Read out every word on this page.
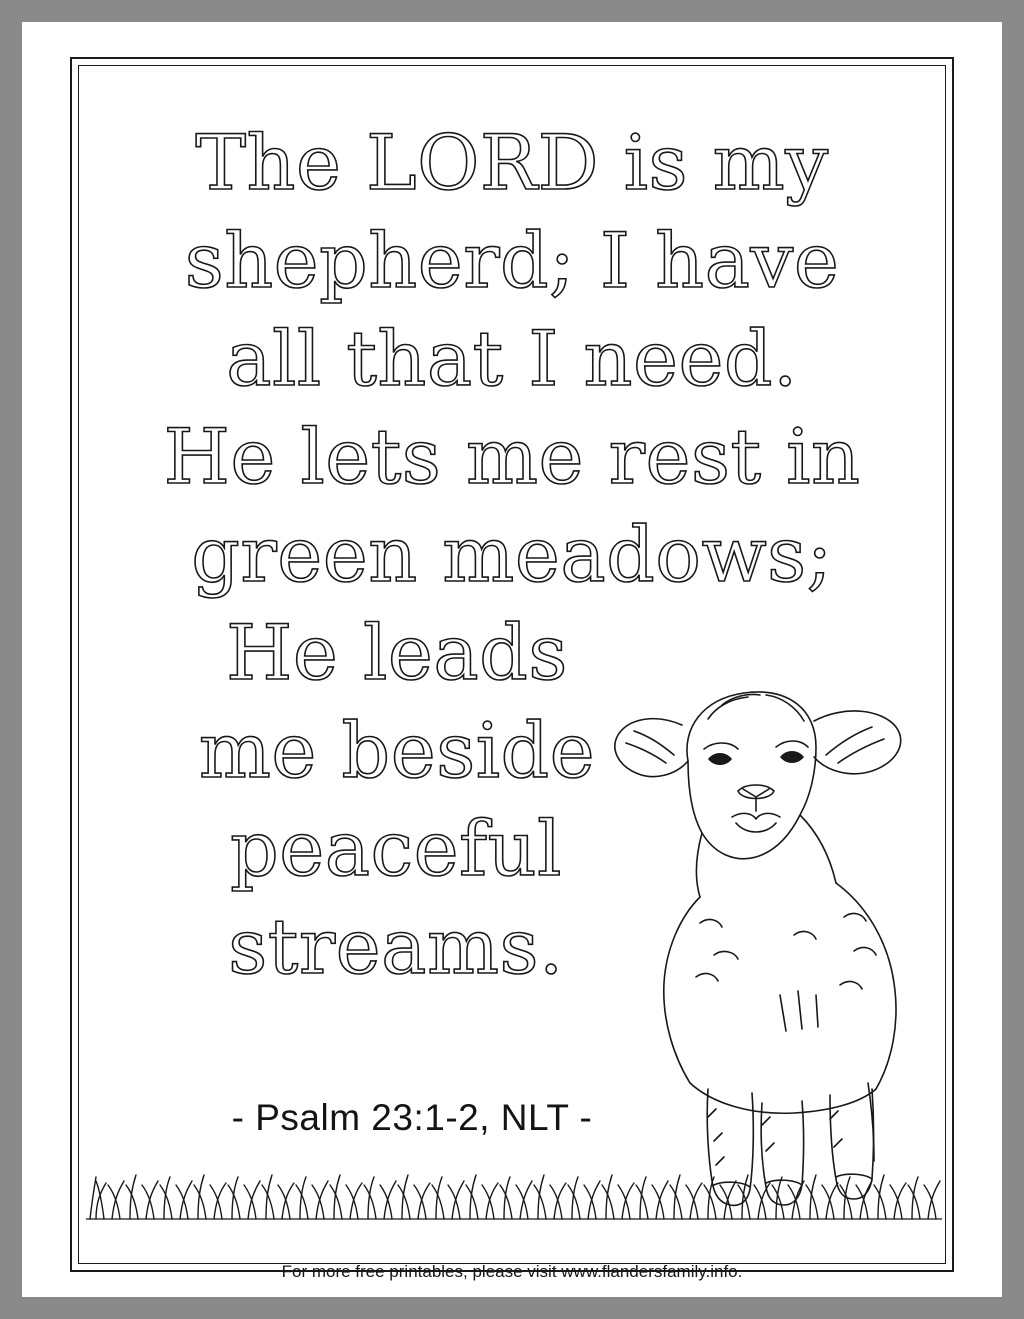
The LORD is my
shepherd; I have
all that I need.
He lets me rest in
green meadows;
He leads
me beside
peaceful
streams.
- Psalm 23:1-2, NLT -
For more free printables, please visit www.flandersfamily.info.
